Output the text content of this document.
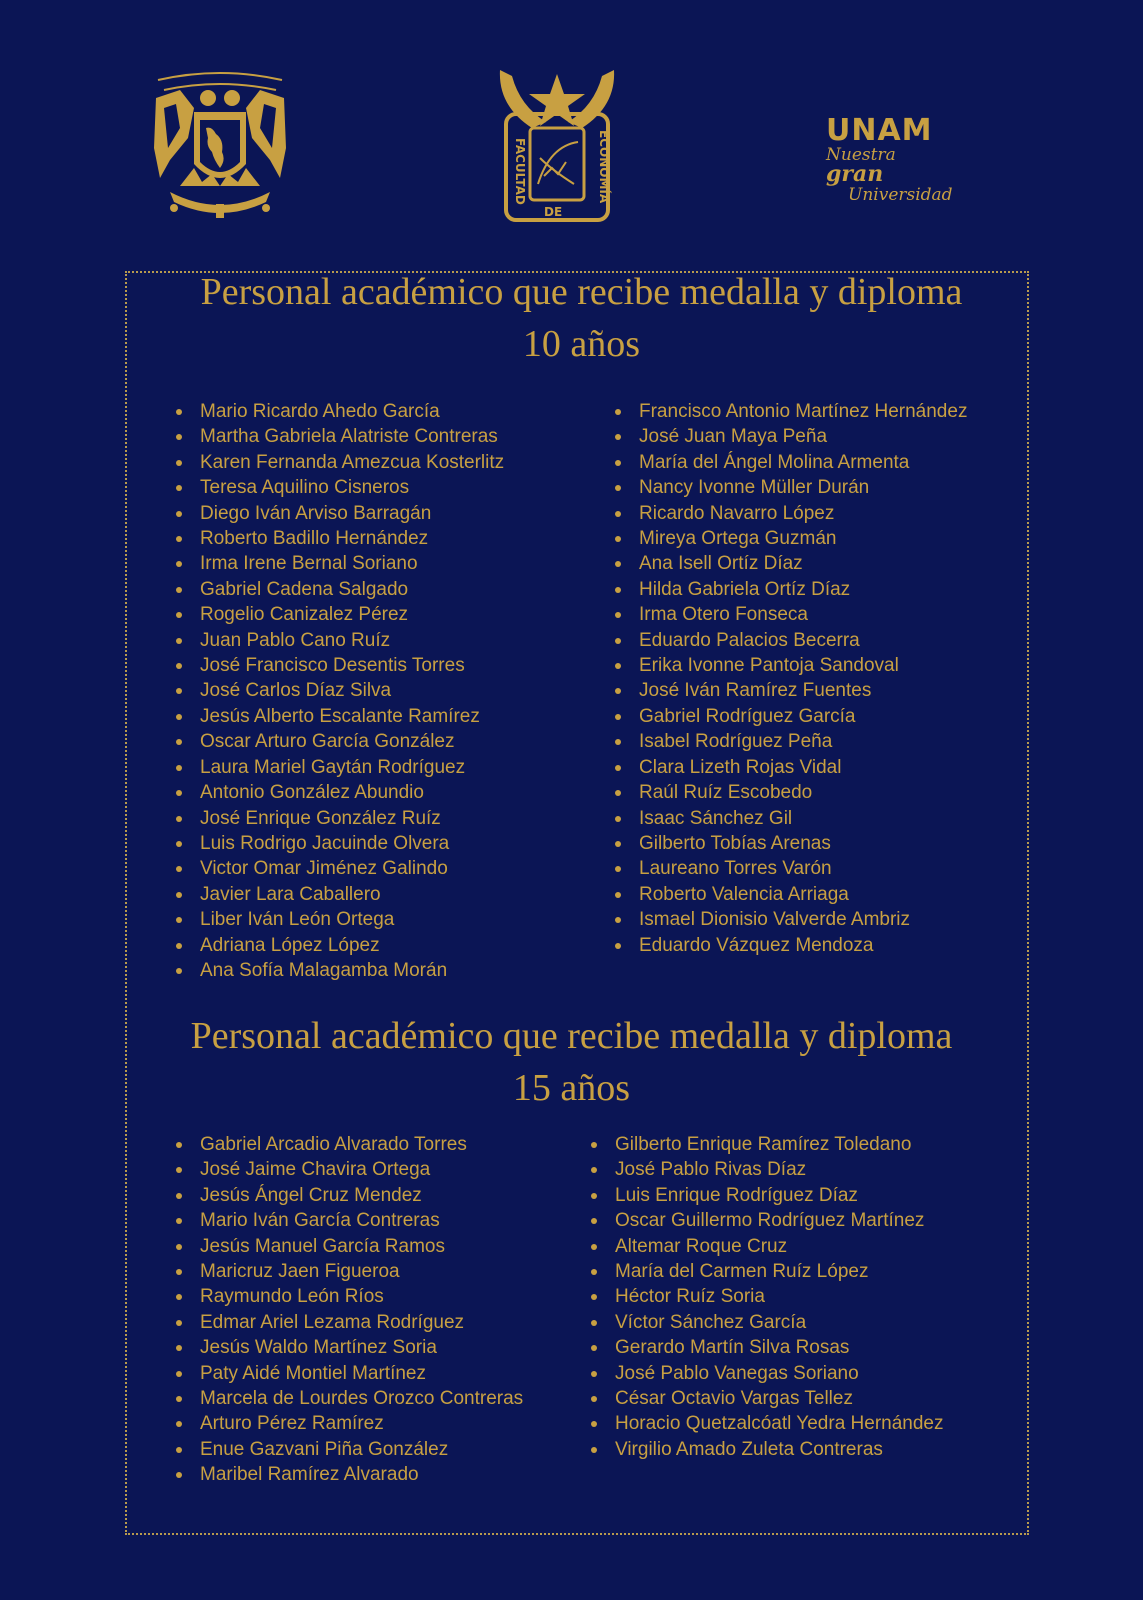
FACULTAD	ECONOMÍA
DE
UNAM
Nuestra gran
Universidad
Personal académico que recibe medalla y diploma
10 años
Mario Ricardo Ahedo García
Martha Gabriela Alatriste Contreras
Karen Fernanda Amezcua Kosterlitz
Teresa Aquilino Cisneros
Diego Iván Arviso Barragán
Roberto Badillo Hernández
Irma Irene Bernal Soriano
Gabriel Cadena Salgado
Rogelio Canizalez Pérez
Juan Pablo Cano Ruíz
José Francisco Desentis Torres
José Carlos Díaz Silva
Jesús Alberto Escalante Ramírez
Oscar Arturo García González
Laura Mariel Gaytán Rodríguez
Antonio González Abundio
José Enrique González Ruíz
Luis Rodrigo Jacuinde Olvera
Victor Omar Jiménez Galindo
Javier Lara Caballero
Liber Iván León Ortega
Adriana López López
Ana Sofía Malagamba Morán
Francisco Antonio Martínez Hernández
José Juan Maya Peña
María del Ángel Molina Armenta
Nancy Ivonne Müller Durán
Ricardo Navarro López
Mireya Ortega Guzmán
Ana Isell Ortíz Díaz
Hilda Gabriela Ortíz Díaz
Irma Otero Fonseca
Eduardo Palacios Becerra
Erika Ivonne Pantoja Sandoval
José Iván Ramírez Fuentes
Gabriel Rodríguez García
Isabel Rodríguez Peña
Clara Lizeth Rojas Vidal
Raúl Ruíz Escobedo
Isaac Sánchez Gil
Gilberto Tobías Arenas
Laureano Torres Varón
Roberto Valencia Arriaga
Ismael Dionisio Valverde Ambriz
Eduardo Vázquez Mendoza
Personal académico que recibe medalla y diploma
15 años
Gabriel Arcadio Alvarado Torres
José Jaime Chavira Ortega
Jesús Ángel Cruz Mendez
Mario Iván García Contreras
Jesús Manuel García Ramos
Maricruz Jaen Figueroa
Raymundo León Ríos
Edmar Ariel Lezama Rodríguez
Jesús Waldo Martínez Soria
Paty Aidé Montiel Martínez
Marcela de Lourdes Orozco Contreras
Arturo Pérez Ramírez
Enue Gazvani Piña González
Maribel Ramírez Alvarado
Gilberto Enrique Ramírez Toledano
José Pablo Rivas Díaz
Luis Enrique Rodríguez Díaz
Oscar Guillermo Rodríguez Martínez
Altemar Roque Cruz
María del Carmen Ruíz López
Héctor Ruíz Soria
Víctor Sánchez García
Gerardo Martín Silva Rosas
José Pablo Vanegas Soriano
César Octavio Vargas Tellez
Horacio Quetzalcóatl Yedra Hernández
Virgilio Amado Zuleta Contreras
